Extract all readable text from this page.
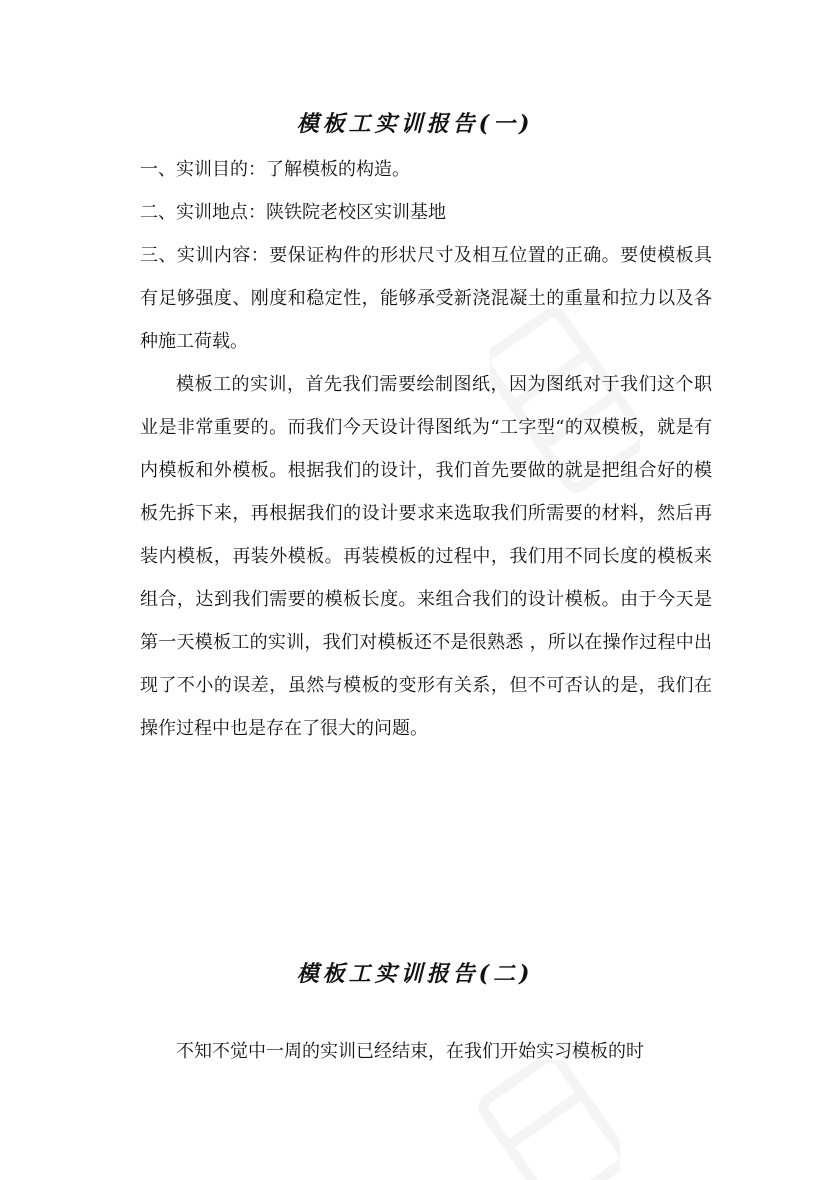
模板工实训报告(一)

一、实训目的：了解模板的构造。

二、实训地点：陕铁院老校区实训基地

三、实训内容：要保证构件的形状尺寸及相互位置的正确。要使模板具有足够强度、刚度和稳定性，能够承受新浇混凝土的重量和拉力以及各种施工荷载。

模板工的实训，首先我们需要绘制图纸，因为图纸对于我们这个职业是非常重要的。而我们今天设计得图纸为“工字型“的双模板，就是有内模板和外模板。根据我们的设计，我们首先要做的就是把组合好的模板先拆下来，再根据我们的设计要求来选取我们所需要的材料，然后再装内模板，再装外模板。再装模板的过程中，我们用不同长度的模板来组合，达到我们需要的模板长度。来组合我们的设计模板。由于今天是第一天模板工的实训，我们对模板还不是很熟悉 ，所以在操作过程中出现了不小的误差，虽然与模板的变形有关系，但不可否认的是，我们在操作过程中也是存在了很大的问题。

模板工实训报告(二)

不知不觉中一周的实训已经结束，在我们开始实习模板的时
